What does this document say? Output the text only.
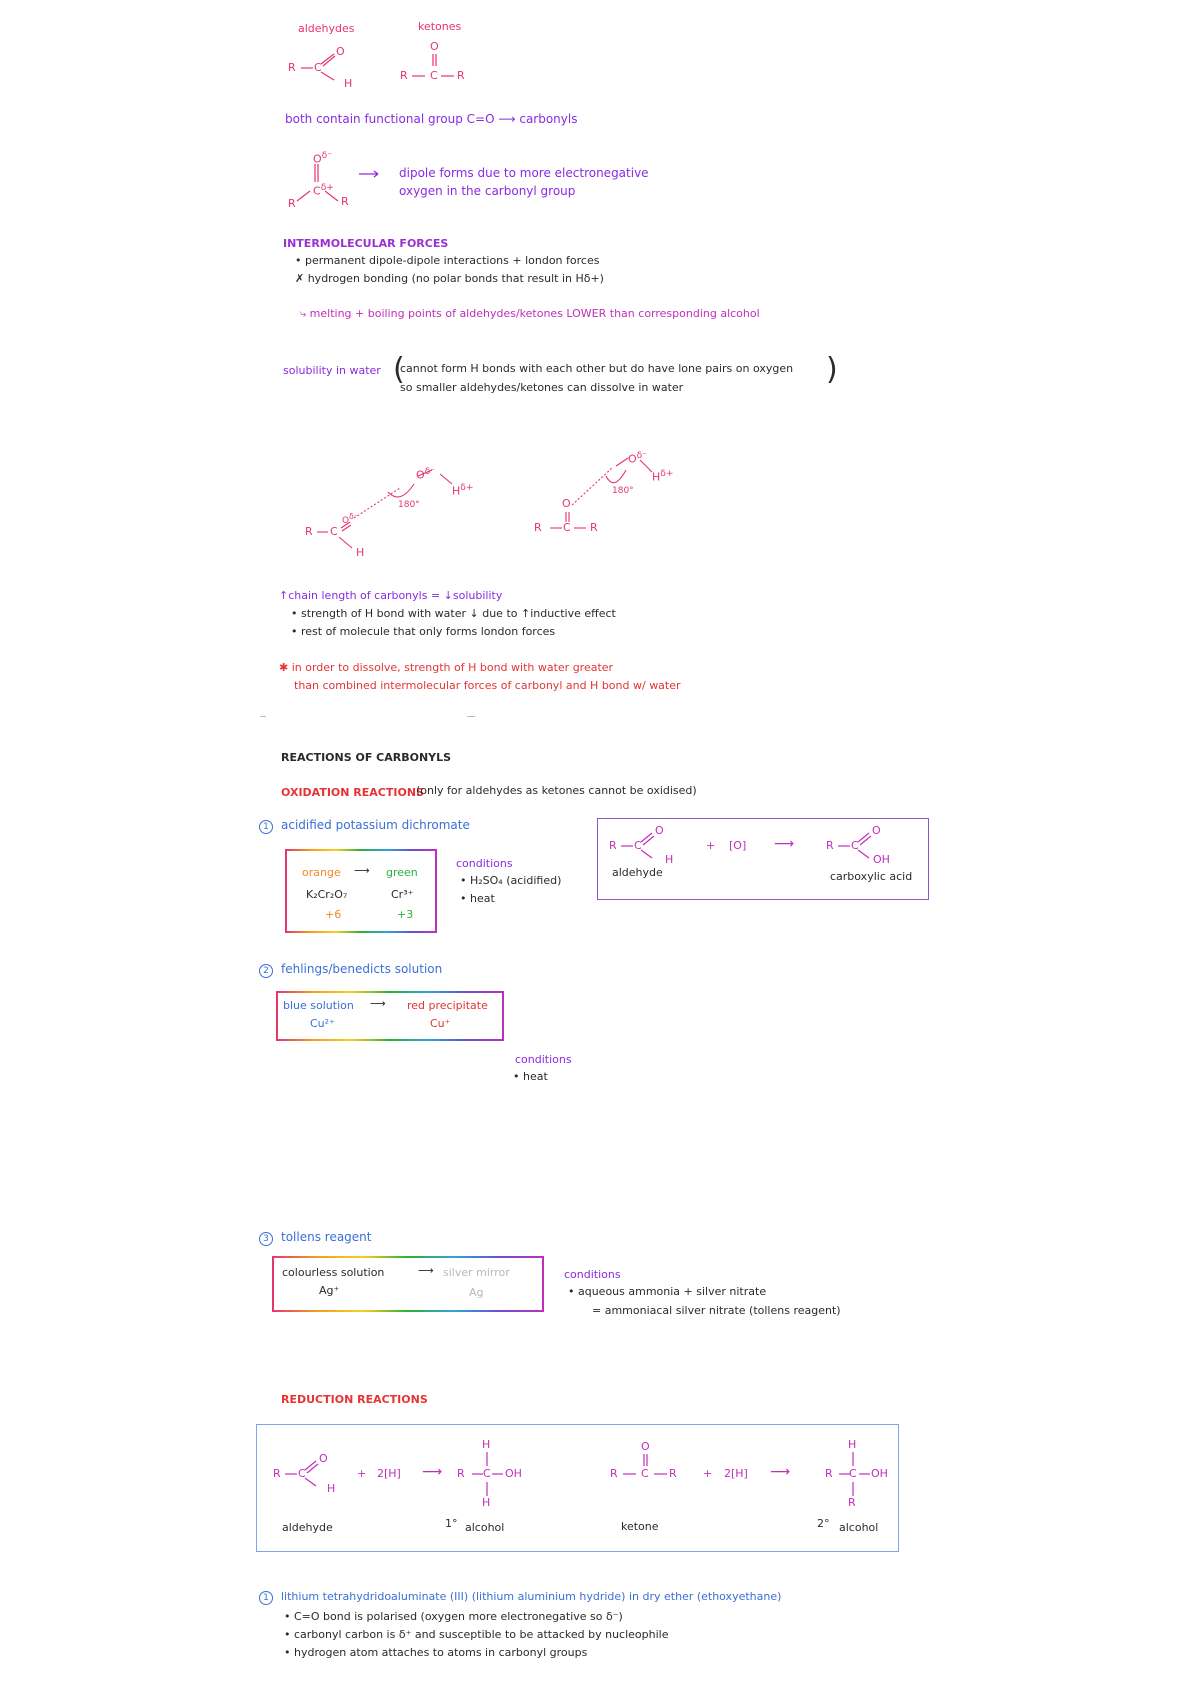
aldehydes	ketones
R C
O
H
O
R C R
both contain functional group C=O ⟶ carbonyls
$O^{\delta^-}$
$C^{\delta+}$
R	R
dipole forms due to more electronegative
oxygen in the carbonyl group
INTERMOLECULAR FORCES
• permanent dipole-dipole interactions + london forces
✗ hydrogen bonding (no polar bonds that result in Hδ+)
⤷ melting + boiling points of aldehydes/ketones LOWER than corresponding alcohol
solubility in water cannot form H bonds with each other but do have lone pairs on oxygen
so smaller aldehydes/ketones can dissolve in water
(	)
R C
$O^{\delta^-}$
H
$O^{\delta^-}$
$H^{\delta+}$
180°	O
R C R
$O^{\delta^-}$
$H^{\delta+}$
180°
↑chain length of carbonyls = ↓solubility
• strength of H bond with water ↓ due to ↑inductive effect
• rest of molecule that only forms london forces
✱ in order to dissolve, strength of H bond with water greater
than combined intermolecular forces of carbonyl and H bond w/ water
REACTIONS OF CARBONYLS
OXIDATION REACTIONS
(only for aldehydes as ketones cannot be oxidised)
1 acidified potassium dichromate
orange ⟶ green
K₂Cr₂O₇	Cr³⁺
+6	+3
conditions
• H₂SO₄ (acidified)
• heat
R C
O
H
+ [O] ⟶	R C
O
OH
aldehyde	carboxylic acid
2 fehlings/benedicts solution
blue solution ⟶ red precipitate
Cu²⁺	Cu⁺
conditions
• heat
3 tollens reagent
colourless solution	⟶ silver mirror
Ag⁺	Ag
conditions
• aqueous ammonia + silver nitrate
= ammoniacal silver nitrate (tollens reagent)
REDUCTION REACTIONS
R C
O
H
+ 2[H] ⟶
H
R C OH
H
aldehyde	1° alcohol
O
R C R + 2[H] ⟶
H
R C OH
R
ketone	2° alcohol
1 lithium tetrahydridoaluminate (III) (lithium aluminium hydride) in dry ether (ethoxyethane)
• C=O bond is polarised (oxygen more electronegative so δ⁻)
• carbonyl carbon is δ⁺ and susceptible to be attacked by nucleophile
• hydrogen atom attaches to atoms in carbonyl groups
